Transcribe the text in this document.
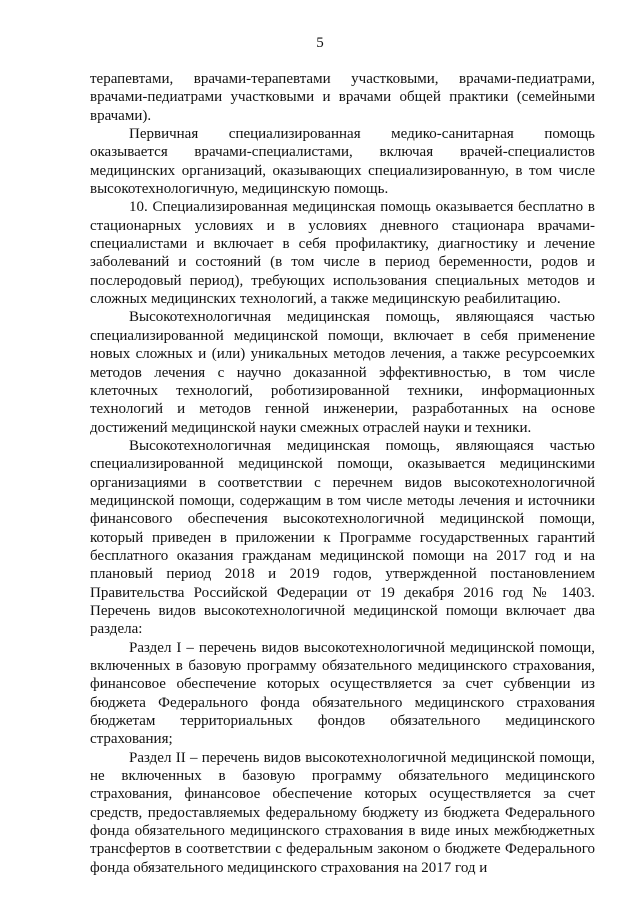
5

терапевтами, врачами-терапевтами участковыми, врачами-педиатрами, врачами-педиатрами участковыми и врачами общей практики (семейными врачами).

Первичная специализированная медико-санитарная помощь оказывается врачами-специалистами, включая врачей-специалистов медицинских организаций, оказывающих специализированную, в том числе высокотехнологичную, медицинскую помощь.

10. Специализированная медицинская помощь оказывается бесплатно в стационарных условиях и в условиях дневного стационара врачами-специалистами и включает в себя профилактику, диагностику и лечение заболеваний и состояний (в том числе в период беременности, родов и послеродовый период), требующих использования специальных методов и сложных медицинских технологий, а также медицинскую реабилитацию.

Высокотехнологичная медицинская помощь, являющаяся частью специализированной медицинской помощи, включает в себя применение новых сложных и (или) уникальных методов лечения, а также ресурсоемких методов лечения с научно доказанной эффективностью, в том числе клеточных технологий, роботизированной техники, информационных технологий и методов генной инженерии, разработанных на основе достижений медицинской науки смежных отраслей науки и техники.

Высокотехнологичная медицинская помощь, являющаяся частью специализированной медицинской помощи, оказывается медицинскими организациями в соответствии с перечнем видов высокотехнологичной медицинской помощи, содержащим в том числе методы лечения и источники финансового обеспечения высокотехнологичной медицинской помощи, который приведен в приложении к Программе государственных гарантий бесплатного оказания гражданам медицинской помощи на 2017 год и на плановый период 2018 и 2019 годов, утвержденной постановлением Правительства Российской Федерации от 19 декабря 2016 год № 1403. Перечень видов высокотехнологичной медицинской помощи включает два раздела:

Раздел I – перечень видов высокотехнологичной медицинской помощи, включенных в базовую программу обязательного медицинского страхования, финансовое обеспечение которых осуществляется за счет субвенции из бюджета Федерального фонда обязательного медицинского страхования бюджетам территориальных фондов обязательного медицинского страхования;

Раздел II – перечень видов высокотехнологичной медицинской помощи, не включенных в базовую программу обязательного медицинского страхования, финансовое обеспечение которых осуществляется за счет средств, предоставляемых федеральному бюджету из бюджета Федерального фонда обязательного медицинского страхования в виде иных межбюджетных трансфертов в соответствии с федеральным законом о бюджете Федерального фонда обязательного медицинского страхования на 2017 год и
